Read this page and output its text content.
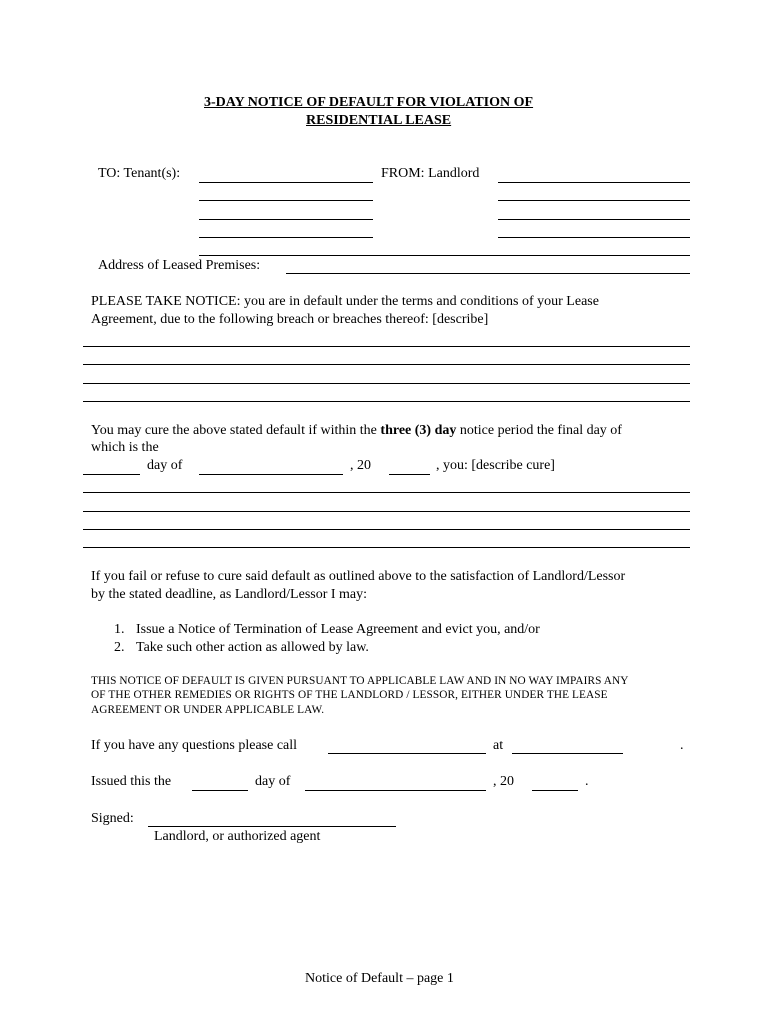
3-DAY NOTICE OF DEFAULT FOR VIOLATION OF
RESIDENTIAL LEASE
TO: Tenant(s):	FROM: Landlord
Address of Leased Premises:
PLEASE TAKE NOTICE: you are in default under the terms and conditions of your Lease
Agreement, due to the following breach or breaches thereof: [describe]
You may cure the above stated default if within the three (3) day notice period the final day of
which is the
day of	, 20	, you: [describe cure]
If you fail or refuse to cure said default as outlined above to the satisfaction of Landlord/Lessor
by the stated deadline, as Landlord/Lessor I may:
1. Issue a Notice of Termination of Lease Agreement and evict you, and/or
2. Take such other action as allowed by law.
THIS NOTICE OF DEFAULT IS GIVEN PURSUANT TO APPLICABLE LAW AND IN NO WAY IMPAIRS ANY
OF THE OTHER REMEDIES OR RIGHTS OF THE LANDLORD / LESSOR, EITHER UNDER THE LEASE
AGREEMENT OR UNDER APPLICABLE LAW.
If you have any questions please call	at	.
Issued this the	day of	, 20	.
Signed:
Landlord, or authorized agent
Notice of Default – page 1
